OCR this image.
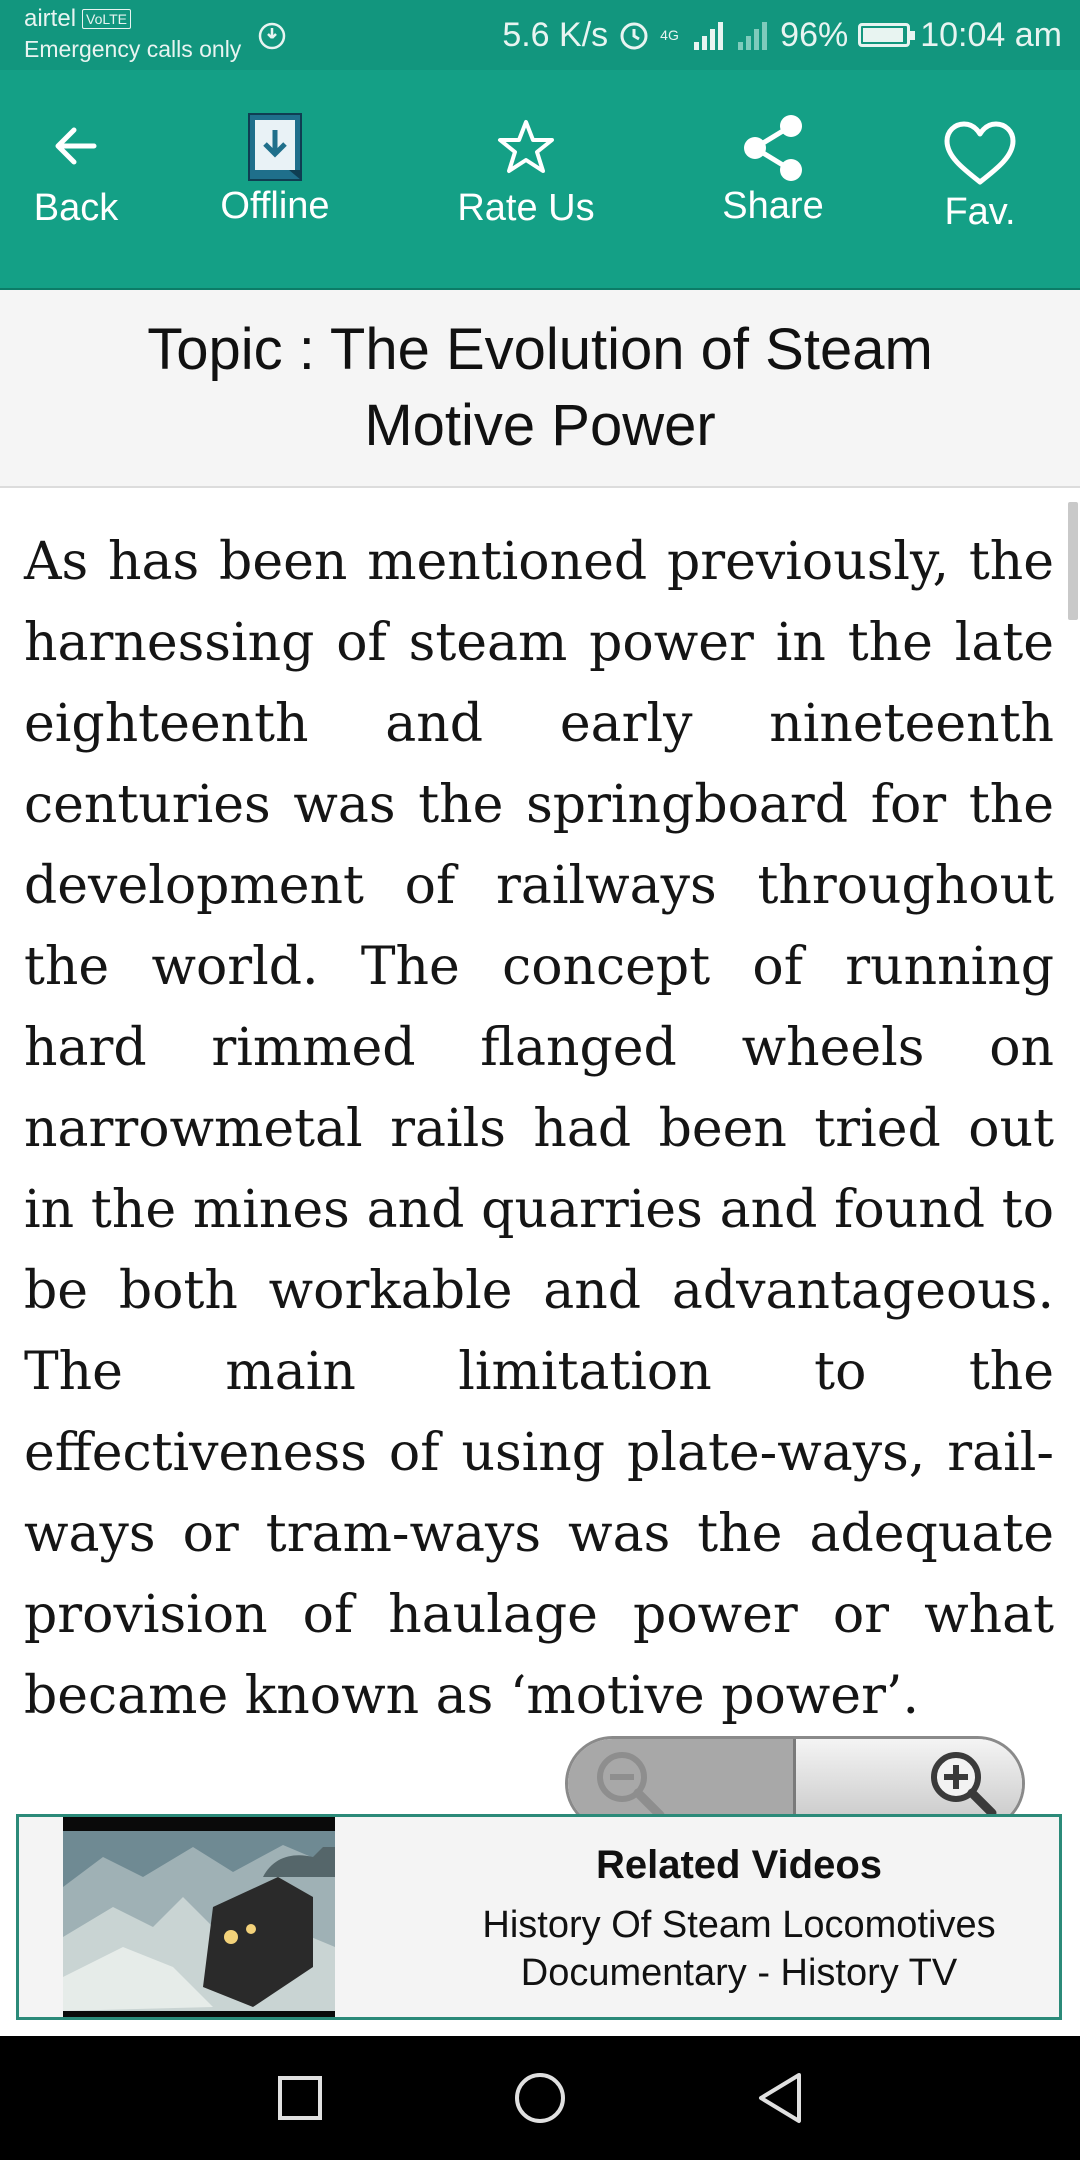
airtel VoLTE
Emergency calls only	5.6 K/s	4G	96% 10:04 am
Back	Offline	Rate Us	Share	Fav.
Topic : The Evolution of Steam Motive Power

As has been mentioned previously, the harnessing of steam power in the late eighteenth and early nineteenth centuries was the springboard for the development of railways throughout the world. The concept of running hard rimmed flanged wheels on narrowmetal rails had been tried out in the mines and quarries and found to be both workable and advantageous. The main limitation to the effectiveness of using plate-ways, rail-ways or tram-ways was the adequate provision of haulage power or what became known as ‘motive power’.

Related Videos
History Of Steam Locomotives
Documentary - History TV
